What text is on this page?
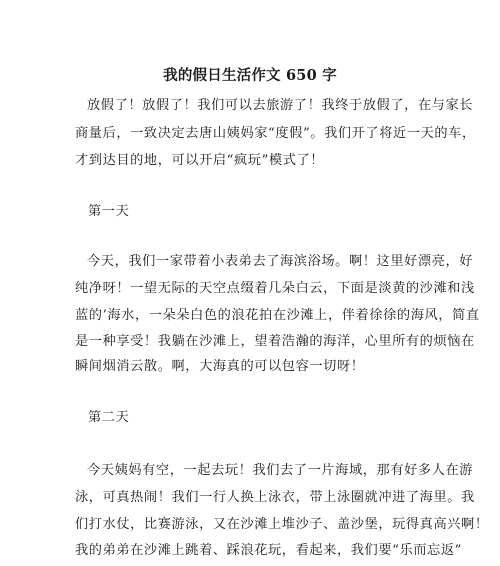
我的假日生活作文 650 字
放假了！放假了！我们可以去旅游了！我终于放假了，在与家长
商量后，一致决定去唐山姨妈家“度假”。我们开了将近一天的车，
才到达目的地，可以开启“疯玩”模式了！
第一天
今天，我们一家带着小表弟去了海滨浴场。啊！这里好漂亮，好
纯净呀！一望无际的天空点缀着几朵白云，下面是淡黄的沙滩和浅
蓝的’海水，一朵朵白色的浪花拍在沙滩上，伴着徐徐的海风，简直
是一种享受！我躺在沙滩上，望着浩瀚的海洋，心里所有的烦恼在
瞬间烟消云散。啊，大海真的可以包容一切呀！
第二天
今天姨妈有空，一起去玩！我们去了一片海域，那有好多人在游
泳，可真热闹！我们一行人换上泳衣，带上泳圈就冲进了海里。我
们打水仗，比赛游泳，又在沙滩上堆沙子、盖沙堡，玩得真高兴啊！
我的弟弟在沙滩上跳着、踩浪花玩，看起来，我们要“乐而忘返”
